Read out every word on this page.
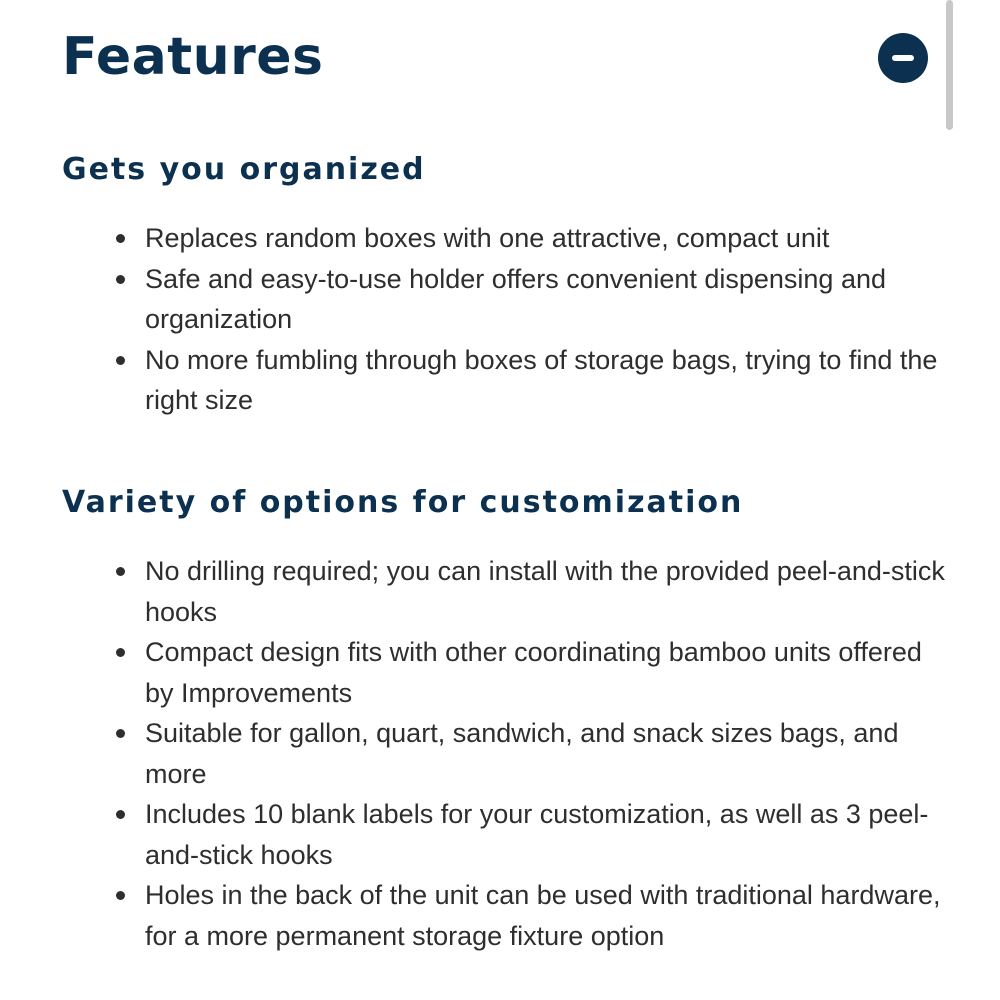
Features
Gets you organized
Replaces random boxes with one attractive, compact unit
Safe and easy-to-use holder offers convenient dispensing and organization
No more fumbling through boxes of storage bags, trying to find the right size
Variety of options for customization
No drilling required; you can install with the provided peel-and-stick hooks
Compact design fits with other coordinating bamboo units offered by Improvements
Suitable for gallon, quart, sandwich, and snack sizes bags, and more
Includes 10 blank labels for your customization, as well as 3 peel-and-stick hooks
Holes in the back of the unit can be used with traditional hardware, for a more permanent storage fixture option
